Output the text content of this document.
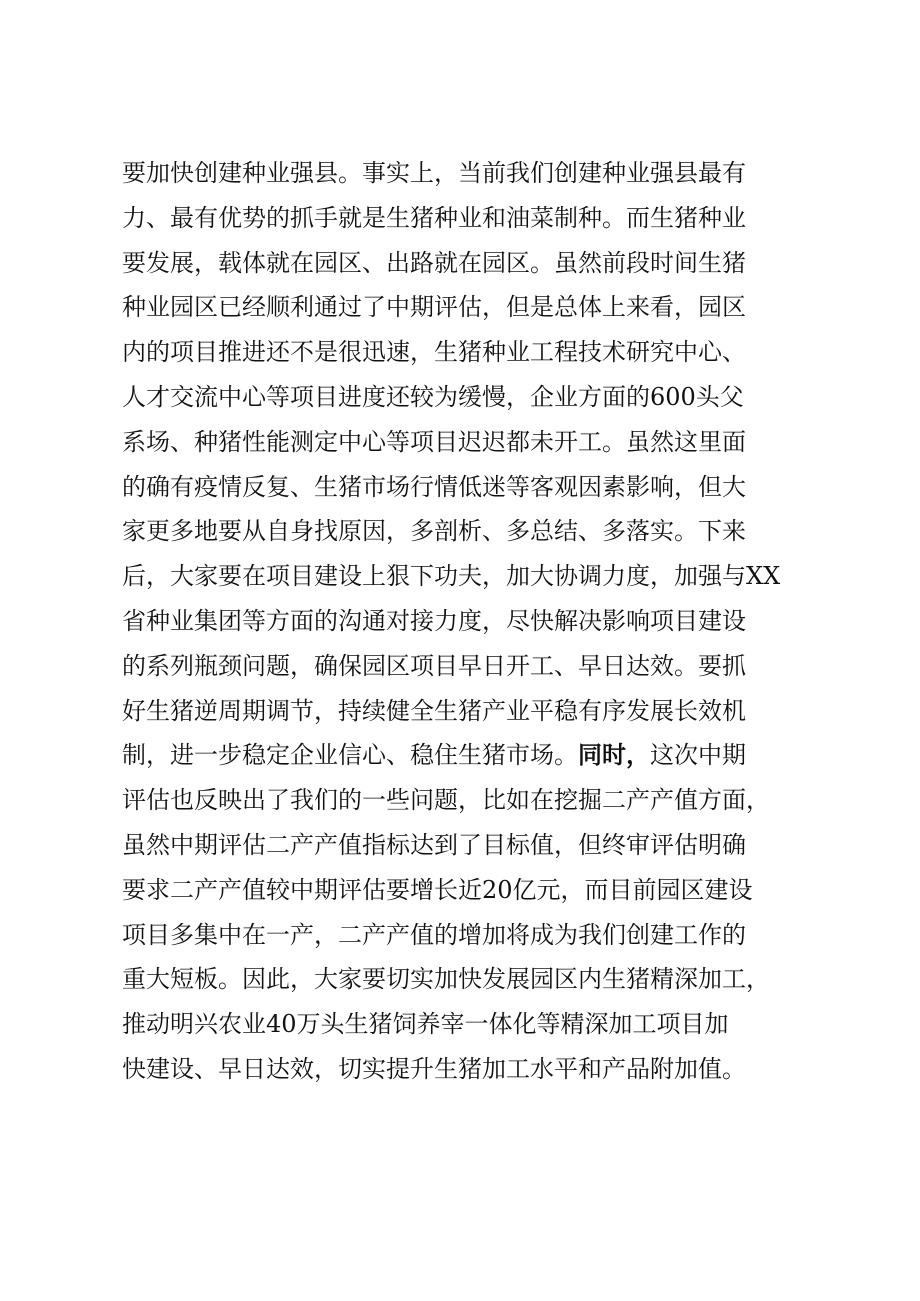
要加快创建种业强县。事实上，当前我们创建种业强县最有
力、最有优势的抓手就是生猪种业和油菜制种。而生猪种业
要发展，载体就在园区、出路就在园区。虽然前段时间生猪
种业园区已经顺利通过了中期评估，但是总体上来看，园区
内的项目推进还不是很迅速，生猪种业工程技术研究中心、
人才交流中心等项目进度还较为缓慢，企业方面的600头父
系场、种猪性能测定中心等项目迟迟都未开工。虽然这里面
的确有疫情反复、生猪市场行情低迷等客观因素影响，但大
家更多地要从自身找原因，多剖析、多总结、多落实。下来
后，大家要在项目建设上狠下功夫，加大协调力度，加强与XX
省种业集团等方面的沟通对接力度，尽快解决影响项目建设
的系列瓶颈问题，确保园区项目早日开工、早日达效。要抓
好生猪逆周期调节，持续健全生猪产业平稳有序发展长效机
制，进一步稳定企业信心、稳住生猪市场。同时，这次中期
评估也反映出了我们的一些问题，比如在挖掘二产产值方面，
虽然中期评估二产产值指标达到了目标值，但终审评估明确
要求二产产值较中期评估要增长近20亿元，而目前园区建设
项目多集中在一产，二产产值的增加将成为我们创建工作的
重大短板。因此，大家要切实加快发展园区内生猪精深加工，
推动明兴农业40万头生猪饲养宰一体化等精深加工项目加
快建设、早日达效，切实提升生猪加工水平和产品附加值。
